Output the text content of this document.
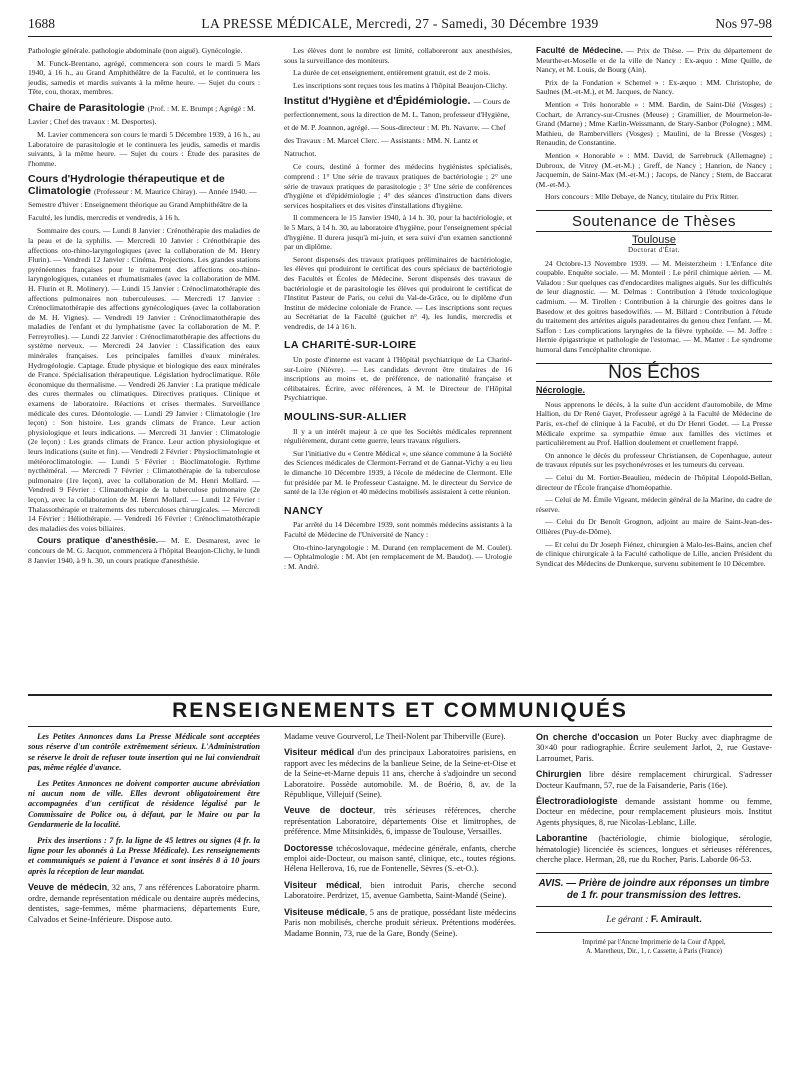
1688	LA PRESSE MÉDICALE, Mercredi, 27 - Samedi, 30 Décembre 1939	Nos 97-98

Pathologie générale. pathologie abdominale (non aiguë). Gynécologie.

M. Funck-Brentano, agrégé, commencera son cours le mardi 5 Mars 1940, à 16 h., au Grand Amphithéâtre de la Faculté, et le continuera les jeudis, samedis et mardis suivants à la même heure. — Sujet du cours : Tête, cou, thorax, membres.

Chaire de Parasitologie (Prof. : M. E. Brumpt ; Agrégé : M. Lavier ; Chef des travaux : M. Desportes).

M. Lavier commencera son cours le mardi 5 Décembre 1939, à 16 h., au Laboratoire de parasitologie et le continuera les jeudis, samedis et mardis suivants, à la même heure. — Sujet du cours : Étude des parasites de l'homme.

Cours d'Hydrologie thérapeutique et de Climatologie (Professeur : M. Maurice Chiray). — Année 1940. — Semestre d'hiver : Enseignement théorique au Grand Amphithéâtre de la Faculté, les lundis, mercredis et vendredis, à 16 h.

Sommaire des cours. — Lundi 8 Janvier : Crénothérapie des maladies de la peau et de la syphilis. — Mercredi 10 Janvier : Crénothérapie des affections oto-rhino-laryngologiques (avec la collaboration de M. Henry Flurin). — Vendredi 12 Janvier : Cinéma. Projections. Les grandes stations pyrénéennes françaises pour le traitement des affections oto-rhino-laryngologiques, cutanées et rhumatismales (avec la collaboration de MM. H. Flurin et R. Molinery). — Lundi 15 Janvier : Crénoclimatothérapie des affections pulmonaires non tuberculeuses. — Mercredi 17 Janvier : Crénoclimatothérapie des affections gynécologiques (avec la collaboration de M. H. Vignes). — Vendredi 19 Janvier : Crénoclimatothérapie des maladies de l'enfant et du lymphatisme (avec la collaboration de M. P. Ferreyrolles). — Lundi 22 Janvier : Crénoclimatothérapie des affections du système nerveux. — Mercredi 24 Janvier : Classification des eaux minérales françaises. Les principales familles d'eaux minérales. Hydrogéologie. Captage. Étude physique et biologique des eaux minérales de France. Spécialisation thérapeutique. Législation hydroclimatique. Rôle économique du thermalisme. — Vendredi 26 Janvier : La pratique médicale des cures thermales ou climatiques. Directives pratiques. Clinique et examens de laboratoire. Réactions et crises thermales. Surveillance médicale des cures. Déontologie. — Lundi 29 Janvier : Climatologie (1re leçon) : Son histoire. Les grands climats de France. Leur action physiologique et leurs indications. — Mercredi 31 Janvier : Climatologie (2e leçon) : Les grands climats de France. Leur action physiologique et leurs indications (suite et fin). — Vendredi 2 Février : Physioclimatologie et météoroclimatologie. — Lundi 5 Février : Bioclimatologie. Rythme nycthéméral. — Mercredi 7 Février : Climatothérapie de la tuberculose pulmonaire (1re leçon), avec la collaboration de M. Henri Mollard. — Vendredi 9 Février : Climatothérapie de la tuberculose pulmonaire (2e leçon), avec la collaboration de M. Henri Mollard. — Lundi 12 Février : Thalassothérapie et traitements des tuberculoses chirurgicales. — Mercredi 14 Février : Héliothérapie. — Vendredi 16 Février : Crénoclimatothérapie des maladies des voies biliaires.

Cours pratique d'anesthésie.— M. E. Desmarest, avec le concours de M. G. Jacquot, commencera à l'hôpital Beaujon-Clichy, le lundi 8 Janvier 1940, à 9 h. 30, un cours pratique d'anesthésie.

Les élèves dont le nombre est limité, collaboreront aux anesthésies, sous la surveillance des moniteurs.

La durée de cet enseignement, entièrement gratuit, est de 2 mois.

Les inscriptions sont reçues tous les matins à l'hôpital Beaujon-Clichy.

Institut d'Hygiène et d'Épidémiologie. — Cours de perfectionnement, sous la direction de M. L. Tanon, professeur d'Hygiène, et de M. P. Joannon, agrégé. — Sous-directeur : M. Ph. Navarre. — Chef des Travaux : M. Marcel Clerc. — Assistants : MM. N. Lantz et Natruchot.

Ce cours, destiné à former des médecins hygiénistes spécialisés, comprend : 1° Une série de travaux pratiques de bactériologie ; 2° une série de travaux pratiques de parasitologie ; 3° Une série de conférences d'hygiène et d'épidémiologie ; 4° des séances d'instruction dans divers services hospitaliers et des visites d'installations d'hygiène.

Il commencera le 15 Janvier 1940, à 14 h. 30, pour la bactériologie, et le 5 Mars, à 14 h. 30, au laboratoire d'hygiène, pour l'enseignement spécial d'hygiène. Il durera jusqu'à mi-juin, et sera suivi d'un examen sanctionné par un diplôme.

Seront dispensés des travaux pratiques préliminaires de bactériologie, les élèves qui produiront le certificat des cours spéciaux de bactériologie des Facultés et Écoles de Médecine. Seront dispensés des travaux de bactériologie et de parasitologie les élèves qui produiront le certificat de l'Institut Pasteur de Paris, ou celui du Val-de-Grâce, ou le diplôme d'un Institut de médecine coloniale de France. — Les inscriptions sont reçues au Secrétariat de la Faculté (guichet n° 4), les lundis, mercredis et vendredis, de 14 à 16 h.

LA CHARITÉ-SUR-LOIRE

Un poste d'interne est vacant à l'Hôpital psychiatrique de La Charité-sur-Loire (Nièvre). — Les candidats devront être titulaires de 16 inscriptions au moins et, de préférence, de nationalité française et célibataires. Écrire, avec références, à M. le Directeur de l'Hôpital Psychiatrique.

MOULINS-SUR-ALLIER

Il y a un intérêt majeur à ce que les Sociétés médicales reprennent régulièrement, durant cette guerre, leurs travaux réguliers.

Sur l'initiative du « Centre Médical », une séance commune à la Société des Sciences médicales de Clermont-Ferrand et de Gannat-Vichy a eu lieu le dimanche 10 Décembre 1939, à l'école de médecine de Clermont. Elle fut présidée par M. le Professeur Castaigne. M. le directeur du Service de santé de la 13e région et 40 médecins mobilisés assistaient à cette réunion.

NANCY

Par arrêté du 14 Décembre 1939, sont nommés médecins assistants à la Faculté de Médecine de l'Université de Nancy :

Oto-rhino-laryngologie : M. Durand (en remplacement de M. Coulet). — Ophtalmologie : M. Abt (en remplacement de M. Baudot). — Urologie : M. André.

Faculté de Médecine. — Prix de Thèse. — Prix du département de Meurthe-et-Moselle et de la ville de Nancy : Ex-æquo : Mme Quille, de Nancy, et M. Louis, de Bourg (Ain).

Prix de la Fondation « Schemel » : Ex-æquo : MM. Christophe, de Saulnes (M.-et-M.), et M. Jacques, de Nancy.

Mention « Très honorable » : MM. Bardin, de Saint-Dié (Vosges) ; Cochart, de Arrancy-sur-Crusnes (Meuse) ; Gramillier, de Mourmelon-le-Grand (Marne) ; Mme Karlin-Weissmann, de Stary-Sanbor (Pologne) ; MM. Mathieu, de Rambervillers (Vosges) ; Maulini, de la Bresse (Vosges) ; Renaudin, de Constantine.

Mention « Honorable » : MM. David, de Sarrebruck (Allemagne) ; Dubroux, de Vitrey (M.-et-M.) ; Greff, de Nancy ; Hanrion, de Nancy ; Jacquemin, de Saint-Max (M.-et-M.) ; Jacops, de Nancy ; Stem, de Baccarat (M.-et-M.).

Hors concours : Mlle Debaye, de Nancy, titulaire du Prix Ritter.

Soutenance de Thèses
Toulouse
Doctorat d'État.

24 Octobre-13 Novembre 1939. — M. Meisterzheim : L'Enfance dite coupable. Enquête sociale. — M. Monteil : Le péril chimique aérien. — M. Valadou : Sur quelques cas d'endocardites malignes aiguës. Sur les difficultés de leur diagnostic. — M. Delmas : Contribution à l'étude toxicologique cadmium. — M. Tirollen : Contribution à la chirurgie des goitres dans le Basedow et des goitres basedowifiés. — M. Billard : Contribution à l'étude du traitement des artérites aiguës paradentaires du genou chez l'enfant. — M. Saffon : Les complications laryngées de la fièvre typhoïde. — M. Joffre : Hernie épigastrique et pathologie de l'estomac. — M. Matter : Le syndrome humoral dans l'encéphalite chronique.

Nos Échos
Nécrologie.

Nous apprenons le décès, à la suite d'un accident d'automobile, de Mme Hallion, du Dr René Gayet, Professeur agrégé à la Faculté de Médecine de Paris, ex-chef de clinique à la Faculté, et du Dr Henri Godet. — La Presse Médicale exprime sa sympathie émue aux familles des victimes et particulièrement au Prof. Hallion doulement et cruellement frappé.

On annonce le décès du professeur Christiansen, de Copenhague, auteur de travaux réputés sur les psychonévroses et les tumeurs du cerveau.

— Celui du M. Fortier-Beaulieu, médecin de l'hôpital Léopold-Bellan, directeur de l'École française d'homéopathie.

— Celui de M. Émile Vigeant, médecin général de la Marine, du cadre de réserve.

— Celui du Dr Benoît Grognon, adjoint au maire de Saint-Jean-des-Ollières (Puy-de-Dôme).

— Et celui du Dr Joseph Fiénez, chirurgien à Malo-les-Bains, ancien chef de clinique chirurgicale à la Faculté catholique de Lille, ancien Président du Syndicat des Médecins de Dunkerque, survenu subitement le 10 Décembre.

RENSEIGNEMENTS ET COMMUNIQUÉS

Les Petites Annonces dans La Presse Médicale sont acceptées sous réserve d'un contrôle extrêmement sérieux. L'Administration se réserve le droit de refuser toute insertion qui ne lui conviendrait pas, même réglée d'avance.

Les Petites Annonces ne doivent comporter aucune abréviation ni aucun nom de ville. Elles devront obligatoirement être accompagnées d'un certificat de résidence légalisé par le Commissaire de Police ou, à défaut, par le Maire ou par la Gendarmerie de la localité.

Prix des insertions : 7 fr. la ligne de 45 lettres ou signes (4 fr. la ligne pour les abonnés à La Presse Médicale). Les renseignements et communiqués se paient à l'avance et sont insérés 8 à 10 jours après la réception de leur mandat.

Veuve de médecin, 32 ans, 7 ans références Laboratoire pharm. ordre, demande représentation médicale ou dentaire auprès médecins, dentistes, sage-femmes, même pharmaciens, départements Eure, Calvados et Seine-Inférieure. Dispose auto.

Madame veuve Gourverol, Le Theil-Nolent par Thiberville (Eure).

Visiteur médical d'un des principaux Laboratoires parisiens, en rapport avec les médecins de la banlieue Seine, de la Seine-et-Oise et de la Seine-et-Marne depuis 11 ans, cherche à s'adjoindre un second Laboratoire. Possède automobile. M. de Boério, 8, av. de la République, Villejuif (Seine).

Veuve de docteur, très sérieuses références, cherche représentation Laboratoire, départements Oise et limitrophes, de préférence. Mme Mitsinkidès, 6, impasse de Toulouse, Versailles.

Doctoresse tchécoslovaque, médecine générale, enfants, cherche emploi aide-Docteur, ou maison santé, clinique, etc., toutes régions. Hélena Hellerova, 16, rue de Fontenelle, Sèvres (S.-et-O.).

Visiteur médical, bien introduit Paris, cherche second Laboratoire. Perdrizet, 15, avenue Gambetta, Saint-Mandé (Seine).

Visiteuse médicale, 5 ans de pratique, possédant liste médecins Paris non mobilisés, cherche produit sérieux. Prétentions modérées. Madame Bonnin, 73, rue de la Gare, Bondy (Seine).

On cherche d'occasion un Poter Bucky avec diaphragme de 30×40 pour radiographie. Écrire seulement Jarlot, 2, rue Gustave-Larroumet, Paris.

Chirurgien libre désire remplacement chirurgical. S'adresser Docteur Kaufmann, 57, rue de la Faisanderie, Paris (16e).

Électroradiologiste demande assistant homme ou femme, Docteur en médecine, pour remplacement plusieurs mois. Institut Agents physiques, 8, rue Nicolas-Leblanc, Lille.

Laborantine (bactériologie, chimie biologique, sérologie, hématologie) licenciée ès sciences, longues et sérieuses références, cherche place. Herman, 28, rue du Rocher, Paris. Laborde 06-53.

AVIS. — Prière de joindre aux réponses un timbre de 1 fr. pour transmission des lettres.
Le gérant : F. Amirault.
Imprimé par l'Ancne Imprimerie de la Cour d'Appel,
A. Maretheux, Dir., 1, r. Cassette, à Paris (France)
